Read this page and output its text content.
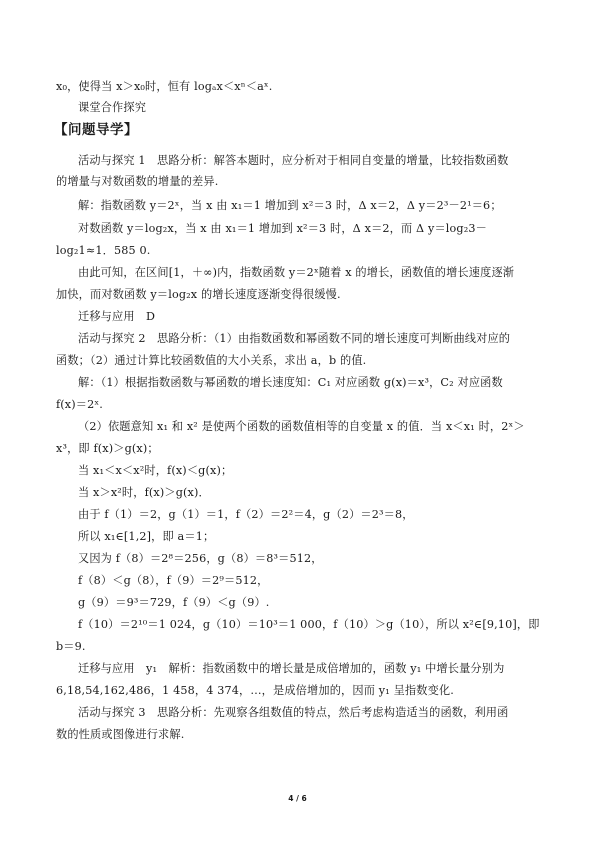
x₀，使得当 x＞x₀时，恒有 logₐx＜xⁿ＜aˣ.
课堂合作探究
【问题导学】
活动与探究 1　思路分析：解答本题时，应分析对于相同自变量的增量，比较指数函数
的增量与对数函数的增量的差异.
解：指数函数 y＝2ˣ，当 x 由 x₁＝1 增加到 x²＝3 时，Δ x＝2，Δ y＝2³－2¹＝6；
对数函数 y＝log₂x，当 x 由 x₁＝1 增加到 x²＝3 时，Δ x＝2，而 Δ y＝log₂3－
log₂1≈1．585 0.
由此可知，在区间[1，＋∞)内，指数函数 y＝2ˣ随着 x 的增长，函数值的增长速度逐渐
加快，而对数函数 y＝log₂x 的增长速度逐渐变得很缓慢.
迁移与应用　D
活动与探究 2　思路分析：（1）由指数函数和幂函数不同的增长速度可判断曲线对应的
函数；（2）通过计算比较函数值的大小关系，求出 a，b 的值.
解：（1）根据指数函数与幂函数的增长速度知：C₁ 对应函数 g(x)＝x³，C₂ 对应函数
f(x)＝2ˣ.
（2）依题意知 x₁ 和 x² 是使两个函数的函数值相等的自变量 x 的值．当 x＜x₁ 时，2ˣ＞
x³，即 f(x)＞g(x)；
当 x₁＜x＜x²时，f(x)＜g(x)；
当 x＞x²时，f(x)＞g(x)．
由于 f（1）＝2，g（1）＝1，f（2）＝2²＝4，g（2）＝2³＝8，
所以 x₁∈[1,2]，即 a＝1；
又因为 f（8）＝2⁸＝256，g（8）＝8³＝512，
f（8）＜g（8），f（9）＝2⁹＝512，
g（9）＝9³＝729，f（9）＜g（9）.
f（10）＝2¹⁰＝1 024，g（10）＝10³＝1 000，f（10）＞g（10），所以 x²∈[9,10]，即
b＝9.
迁移与应用　y₁　解析：指数函数中的增长量是成倍增加的，函数 y₁ 中增长量分别为
6,18,54,162,486，1 458，4 374，…，是成倍增加的，因而 y₁ 呈指数变化.
活动与探究 3　思路分析：先观察各组数值的特点，然后考虑构造适当的函数，利用函
数的性质或图像进行求解.
4 / 6
